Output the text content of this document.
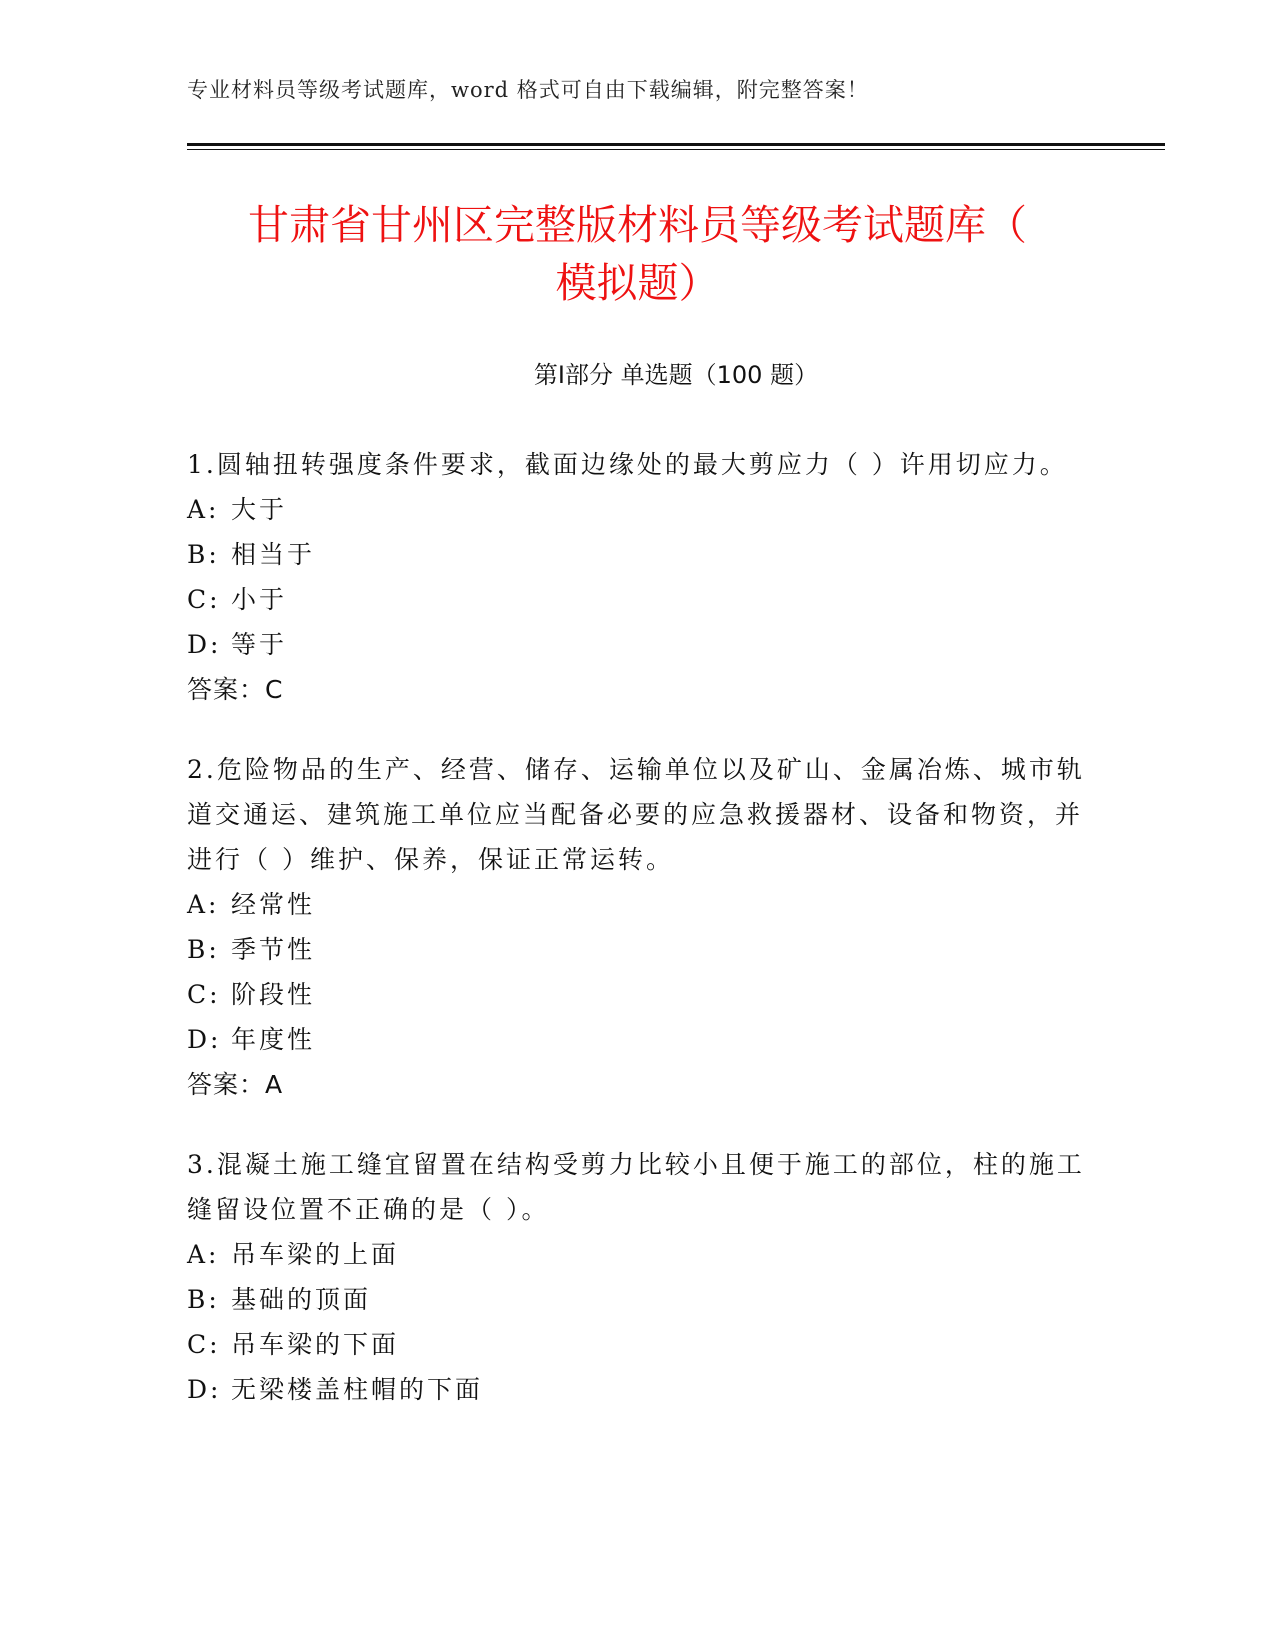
专业材料员等级考试题库，word 格式可自由下载编辑，附完整答案！
甘肃省甘州区完整版材料员等级考试题库（
模拟题）
第Ⅰ部分 单选题（100 题）

1.圆轴扭转强度条件要求，截面边缘处的最大剪应力（ ）许用切应力。

A: 大于
B: 相当于
C: 小于
D: 等于
答案：C

2.危险物品的生产、经营、储存、运输单位以及矿山、金属冶炼、城市轨道交通运、建筑施工单位应当配备必要的应急救援器材、设备和物资，并进行（ ）维护、保养，保证正常运转。

A: 经常性
B: 季节性
C: 阶段性
D: 年度性
答案：A

3.混凝土施工缝宜留置在结构受剪力比较小且便于施工的部位，柱的施工缝留设位置不正确的是（ ）。

A: 吊车梁的上面
B: 基础的顶面
C: 吊车梁的下面
D: 无梁楼盖柱帽的下面
